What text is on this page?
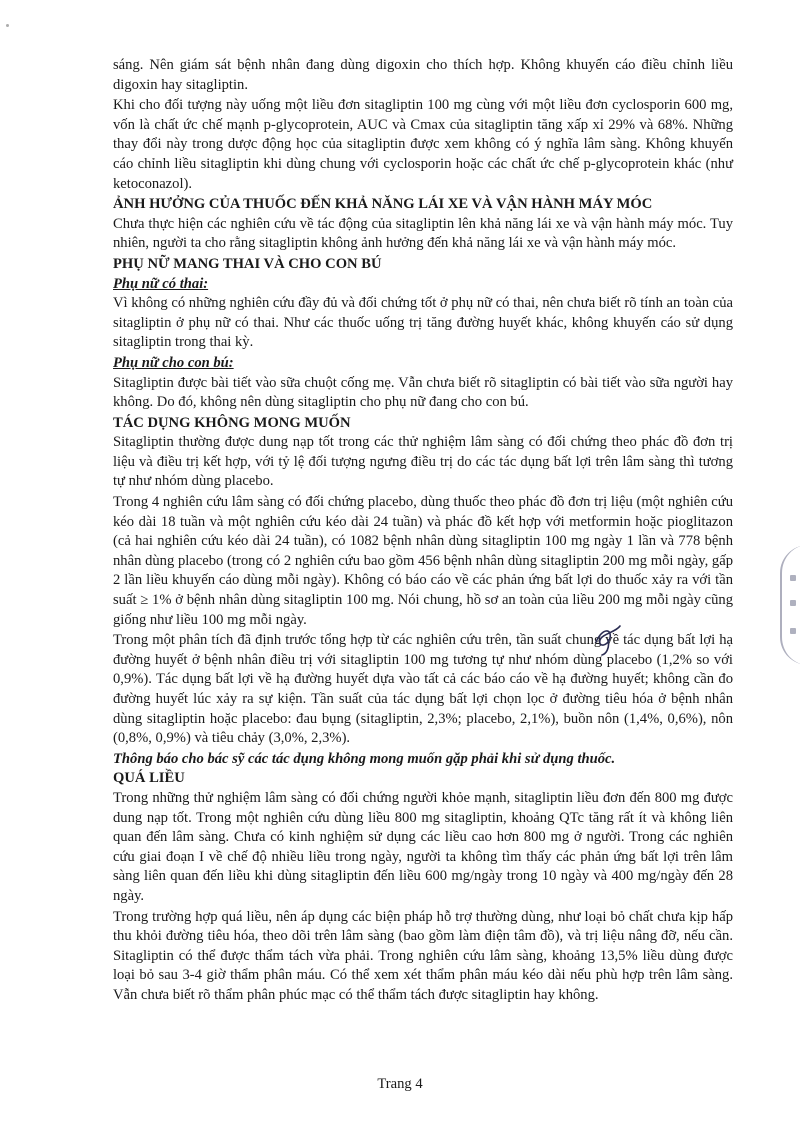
sáng. Nên giám sát bệnh nhân đang dùng digoxin cho thích hợp. Không khuyến cáo điều chỉnh liều digoxin hay sitagliptin.

Khi cho đối tượng này uống một liều đơn sitagliptin 100 mg cùng với một liều đơn cyclosporin 600 mg, vốn là chất ức chế mạnh p-glycoprotein, AUC và Cmax của sitagliptin tăng xấp xỉ 29% và 68%. Những thay đổi này trong dược động học của sitagliptin được xem không có ý nghĩa lâm sàng. Không khuyến cáo chỉnh liều sitagliptin khi dùng chung với cyclosporin hoặc các chất ức chế p-glycoprotein khác (như ketoconazol).

ẢNH HƯỞNG CỦA THUỐC ĐẾN KHẢ NĂNG LÁI XE VÀ VẬN HÀNH MÁY MÓC

Chưa thực hiện các nghiên cứu về tác động của sitagliptin lên khả năng lái xe và vận hành máy móc. Tuy nhiên, người ta cho rằng sitagliptin không ảnh hưởng đến khả năng lái xe và vận hành máy móc.

PHỤ NỮ MANG THAI VÀ CHO CON BÚ

Phụ nữ có thai:

Vì không có những nghiên cứu đầy đủ và đối chứng tốt ở phụ nữ có thai, nên chưa biết rõ tính an toàn của sitagliptin ở phụ nữ có thai. Như các thuốc uống trị tăng đường huyết khác, không khuyến cáo sử dụng sitagliptin trong thai kỳ.

Phụ nữ cho con bú:

Sitagliptin được bài tiết vào sữa chuột cống mẹ. Vẫn chưa biết rõ sitagliptin có bài tiết vào sữa người hay không. Do đó, không nên dùng sitagliptin cho phụ nữ đang cho con bú.

TÁC DỤNG KHÔNG MONG MUỐN

Sitagliptin thường được dung nạp tốt trong các thử nghiệm lâm sàng có đối chứng theo phác đồ đơn trị liệu và điều trị kết hợp, với tỷ lệ đối tượng ngưng điều trị do các tác dụng bất lợi trên lâm sàng thì tương tự như nhóm dùng placebo.

Trong 4 nghiên cứu lâm sàng có đối chứng placebo, dùng thuốc theo phác đồ đơn trị liệu (một nghiên cứu kéo dài 18 tuần và một nghiên cứu kéo dài 24 tuần) và phác đồ kết hợp với metformin hoặc pioglitazon (cả hai nghiên cứu kéo dài 24 tuần), có 1082 bệnh nhân dùng sitagliptin 100 mg ngày 1 lần và 778 bệnh nhân dùng placebo (trong có 2 nghiên cứu bao gồm 456 bệnh nhân dùng sitagliptin 200 mg mỗi ngày, gấp 2 lần liều khuyến cáo dùng mỗi ngày). Không có báo cáo về các phản ứng bất lợi do thuốc xảy ra với tần suất ≥ 1% ở bệnh nhân dùng sitagliptin 100 mg. Nói chung, hồ sơ an toàn của liều 200 mg mỗi ngày cũng giống như liều 100 mg mỗi ngày.

Trong một phân tích đã định trước tổng hợp từ các nghiên cứu trên, tần suất chung về tác dụng bất lợi hạ đường huyết ở bệnh nhân điều trị với sitagliptin 100 mg tương tự như nhóm dùng placebo (1,2% so với 0,9%). Tác dụng bất lợi về hạ đường huyết dựa vào tất cả các báo cáo về hạ đường huyết; không cần đo đường huyết lúc xảy ra sự kiện. Tần suất của tác dụng bất lợi chọn lọc ở đường tiêu hóa ở bệnh nhân dùng sitagliptin hoặc placebo: đau bụng (sitagliptin, 2,3%; placebo, 2,1%), buồn nôn (1,4%, 0,6%), nôn (0,8%, 0,9%) và tiêu chảy (3,0%, 2,3%).

Thông báo cho bác sỹ các tác dụng không mong muốn gặp phải khi sử dụng thuốc.

QUÁ LIỀU

Trong những thử nghiệm lâm sàng có đối chứng người khỏe mạnh, sitagliptin liều đơn đến 800 mg được dung nạp tốt. Trong một nghiên cứu dùng liều 800 mg sitagliptin, khoảng QTc tăng rất ít và không liên quan đến lâm sàng. Chưa có kinh nghiệm sử dụng các liều cao hơn 800 mg ở người. Trong các nghiên cứu giai đoạn I về chế độ nhiều liều trong ngày, người ta không tìm thấy các phản ứng bất lợi trên lâm sàng liên quan đến liều khi dùng sitagliptin đến liều 600 mg/ngày trong 10 ngày và 400 mg/ngày đến 28 ngày.

Trong trường hợp quá liều, nên áp dụng các biện pháp hỗ trợ thường dùng, như loại bỏ chất chưa kịp hấp thu khỏi đường tiêu hóa, theo dõi trên lâm sàng (bao gồm làm điện tâm đồ), và trị liệu nâng đỡ, nếu cần. Sitagliptin có thể được thẩm tách vừa phải. Trong nghiên cứu lâm sàng, khoảng 13,5% liều dùng được loại bỏ sau 3-4 giờ thẩm phân máu. Có thể xem xét thẩm phân máu kéo dài nếu phù hợp trên lâm sàng. Vẫn chưa biết rõ thẩm phân phúc mạc có thể thẩm tách được sitagliptin hay không.

Trang 4
